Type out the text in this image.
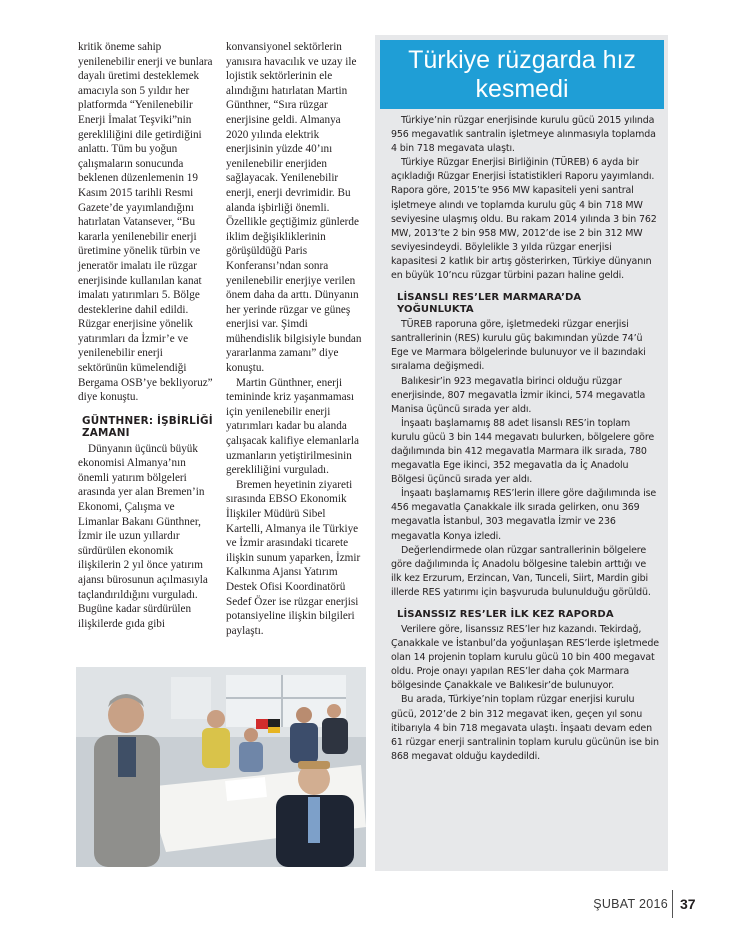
kritik öneme sahip yenilenebilir enerji ve bunlara dayalı üretimi desteklemek amacıyla son 5 yıldır her platformda “Yenilenebilir Enerji İmalat Teşviki”nin gerekliliğini dile getirdiğini anlattı. Tüm bu yoğun çalışmaların sonucunda beklenen düzenlemenin 19 Kasım 2015 tarihli Resmi Gazete’de yayımlandığını hatırlatan Vatansever, “Bu kararla yenilenebilir enerji üretimine yönelik türbin ve jeneratör imalatı ile rüzgar enerjisinde kullanılan kanat imalatı yatırımları 5. Bölge desteklerine dahil edildi. Rüzgar enerjisine yönelik yatırımları da İzmir’e ve yenilenebilir enerji sektörünün kümelendiği Bergama OSB’ye bekliyoruz” diye konuştu.

GÜNTHNER: İŞBİRLİĞİ ZAMANI

Dünyanın üçüncü büyük ekonomisi Almanya’nın önemli yatırım bölgeleri arasında yer alan Bremen’in Ekonomi, Çalışma ve Limanlar Bakanı Günthner, İzmir ile uzun yıllardır sürdürülen ekonomik ilişkilerin 2 yıl önce yatırım ajansı bürosunun açılmasıyla taçlandırıldığını vurguladı. Bugüne kadar sürdürülen ilişkilerde gıda gibi

konvansiyonel sektörlerin yanısıra havacılık ve uzay ile lojistik sektörlerinin ele alındığını hatırlatan Martin Günthner, “Sıra rüzgar enerjisine geldi. Almanya 2020 yılında elektrik enerjisinin yüzde 40’ını yenilenebilir enerjiden sağlayacak. Yenilenebilir enerji, enerji devrimidir. Bu alanda işbirliği önemli. Özellikle geçtiğimiz günlerde iklim değişikliklerinin görüşüldüğü Paris Konferansı’ndan sonra yenilenebilir enerjiye verilen önem daha da arttı. Dünyanın her yerinde rüzgar ve güneş enerjisi var. Şimdi mühendislik bilgisiyle bundan yararlanma zamanı” diye konuştu.

Martin Günthner, enerji temininde kriz yaşanmaması için yenilenebilir enerji yatırımları kadar bu alanda çalışacak kalifiye elemanlarla uzmanların yetiştirilmesinin gerekliliğini vurguladı.

Bremen heyetinin ziyareti sırasında EBSO Ekonomik İlişkiler Müdürü Sibel Kartelli, Almanya ile Türkiye ve İzmir arasındaki ticarete ilişkin sunum yaparken, İzmir Kalkınma Ajansı Yatırım Destek Ofisi Koordinatörü Sedef Özer ise rüzgar enerjisi potansiyeline ilişkin bilgileri paylaştı.

Türkiye rüzgarda hız kesmedi

Türkiye’nin rüzgar enerjisinde kurulu gücü 2015 yılında 956 megavatlık santralin işletmeye alınmasıyla toplamda 4 bin 718 megavata ulaştı.

Türkiye Rüzgar Enerjisi Birliğinin (TÜREB) 6 ayda bir açıkladığı Rüzgar Enerjisi İstatistikleri Raporu yayımlandı. Rapora göre, 2015’te 956 MW kapasiteli yeni santral işletmeye alındı ve toplamda kurulu güç 4 bin 718 MW seviyesine ulaşmış oldu. Bu rakam 2014 yılında 3 bin 762 MW, 2013’te 2 bin 958 MW, 2012’de ise 2 bin 312 MW seviyesindeydi. Böylelikle 3 yılda rüzgar enerjisi kapasitesi 2 katlık bir artış gösterirken, Türkiye dünyanın en büyük 10’ncu rüzgar türbini pazarı haline geldi.

LİSANSLI RES’LER MARMARA’DA YOĞUNLUKTA

TÜREB raporuna göre, işletmedeki rüzgar enerjisi santrallerinin (RES) kurulu güç bakımından yüzde 74’ü Ege ve Marmara bölgelerinde bulunuyor ve il bazındaki sıralama değişmedi.

Balıkesir’in 923 megavatla birinci olduğu rüzgar enerjisinde, 807 megavatla İzmir ikinci, 574 megavatla Manisa üçüncü sırada yer aldı.

İnşaatı başlamamış 88 adet lisanslı RES’in toplam kurulu gücü 3 bin 144 megavatı bulurken, bölgelere göre dağılımında bin 412 megavatla Marmara ilk sırada, 780 megavatla Ege ikinci, 352 megavatla da İç Anadolu Bölgesi üçüncü sırada yer aldı.

İnşaatı başlamamış RES’lerin illere göre dağılımında ise 456 megavatla Çanakkale ilk sırada gelirken, onu 369 megavatla İstanbul, 303 megavatla İzmir ve 236 megavatla Konya izledi.

Değerlendirmede olan rüzgar santrallerinin bölgelere göre dağılımında İç Anadolu bölgesine talebin arttığı ve ilk kez Erzurum, Erzincan, Van, Tunceli, Siirt, Mardin gibi illerde RES yatırımı için başvuruda bulunulduğu görüldü.

LİSANSSIZ RES’LER İLK KEZ RAPORDA

Verilere göre, lisanssız RES’ler hız kazandı. Tekirdağ, Çanakkale ve İstanbul’da yoğunlaşan RES’lerde işletmede olan 14 projenin toplam kurulu gücü 10 bin 400 megavat oldu. Proje onayı yapılan RES’ler daha çok Marmara bölgesinde Çanakkale ve Balıkesir’de bulunuyor.

Bu arada, Türkiye’nin toplam rüzgar enerjisi kurulu gücü, 2012’de 2 bin 312 megavat iken, geçen yıl sonu itibarıyla 4 bin 718 megavata ulaştı. İnşaatı devam eden 61 rüzgar enerji santralinin toplam kurulu gücünün ise bin 868 megavat olduğu kaydedildi.

ŞUBAT 2016 37
